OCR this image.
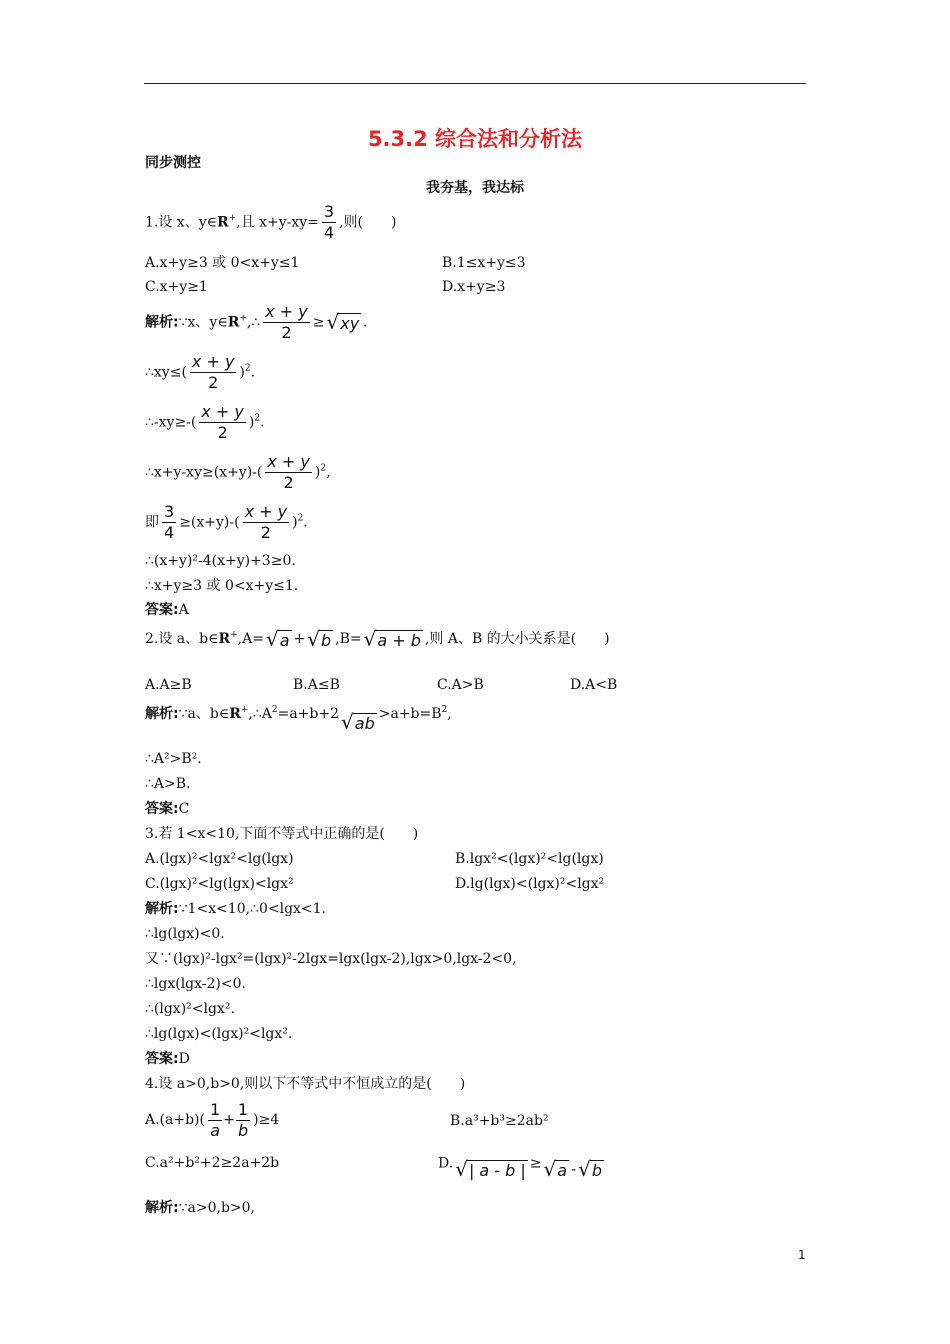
5.3.2 综合法和分析法
同步测控
我夯基，我达标
1.设 x、y∈R+,且 $x+y-xy= \frac{3}{4}$ ,则(　　)
A.x+y≥3 或 0<x+y≤1	B.1≤x+y≤3
C.x+y≥1	D.x+y≥3
解析:∵x、y∈R+,∴ $\frac{x + y}{2}$ ≥ √ xy .
∴xy≤( $\frac{x + y}{2} )^2$.
∴-xy≥-( $\frac{x + y}{2} )^2$.
∴x+y-xy≥(x+y)-( $\frac{x + y}{2} )^2$,
即 $\frac{3}{4} \ge(x+y)-( \frac{x + y}{2} )^2$.
∴(x+y)²-4(x+y)+3≥0.
∴x+y≥3 或 0<x+y≤1.
答案:A
2.设 a、b∈R+,A= √ a + √ b ,B= √ a + b ,则 A、B 的大小关系是(　　)
A.A≥B	B.A≤B	C.A>B	D.A<B
解析:∵a、$b\in R^+,\therefore A^2=a+b+2$ √ ab $>a+b=B^2$,
∴A²>B².
∴A>B.
答案:C
3.若 1<x<10,下面不等式中正确的是(　　)
A.(lgx)²<lgx²<lg(lgx)	B.lgx²<(lgx)²<lg(lgx)
C.(lgx)²<lg(lgx)<lgx²	D.lg(lgx)<(lgx)²<lgx²
解析:∵1<x<10,∴0<lgx<1.
∴lg(lgx)<0.
又∵(lgx)²-lgx²=(lgx)²-2lgx=lgx(lgx-2),lgx>0,lgx-2<0,
∴lgx(lgx-2)<0.
∴(lgx)²<lgx².
∴lg(lgx)<(lgx)²<lgx².
答案:D
4.设 a>0,b>0,则以下不等式中不恒成立的是(　　)
$A.(a+b)( \frac{1}{a} + \frac{1}{b} )\ge 4$	B.a³+b³≥2ab²
C.a²+b²+2≥2a+2b	D. √ | a - b | ≥ √ a - √ b
解析:∵a>0,b>0,
1
